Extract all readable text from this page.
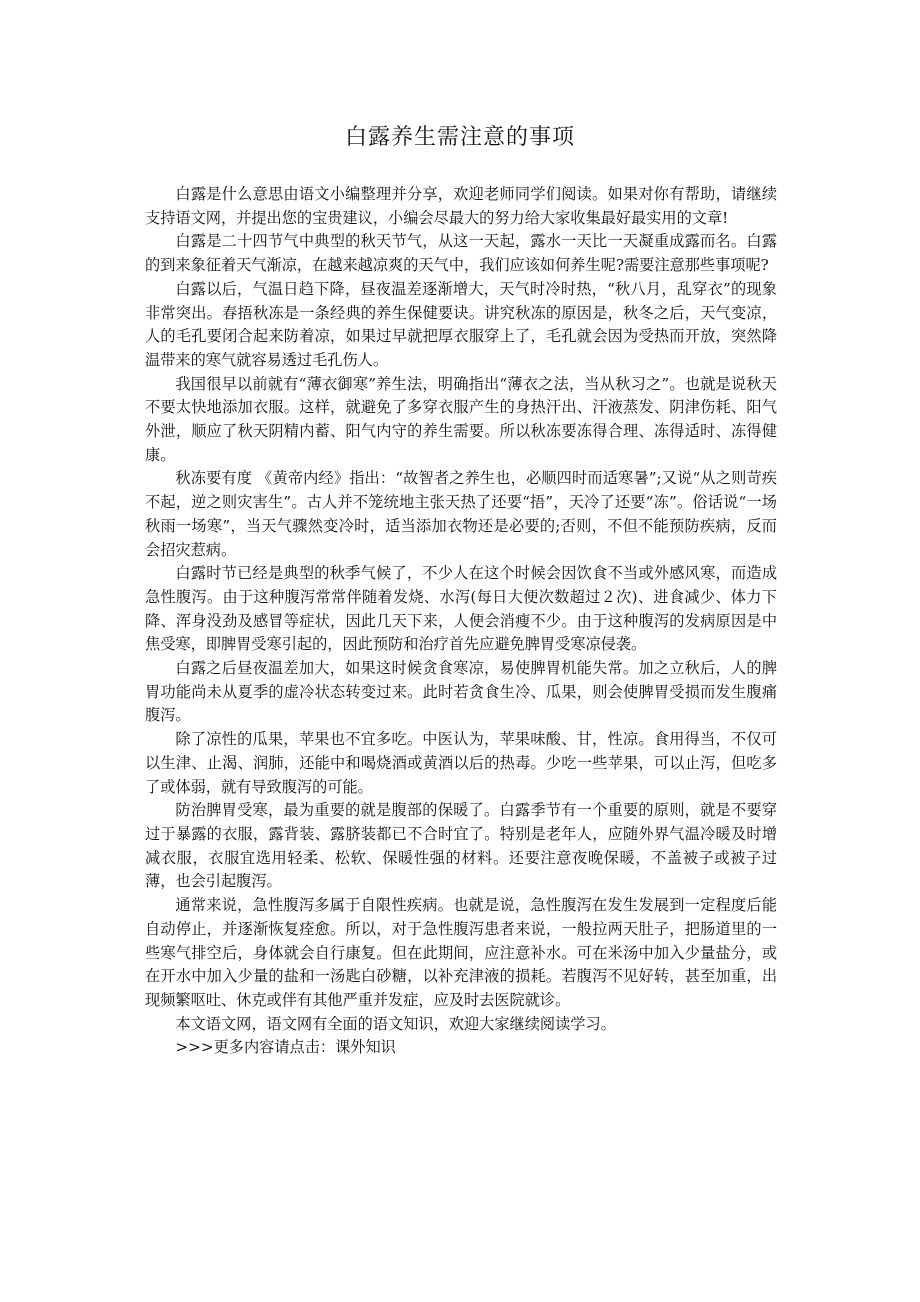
白露养生需注意的事项

白露是什么意思由语文小编整理并分享，欢迎老师同学们阅读。如果对你有帮助，请继续支持语文网，并提出您的宝贵建议，小编会尽最大的努力给大家收集最好最实用的文章!

白露是二十四节气中典型的秋天节气，从这一天起，露水一天比一天凝重成露而名。白露的到来象征着天气渐凉，在越来越凉爽的天气中，我们应该如何养生呢?需要注意那些事项呢?

白露以后，气温日趋下降，昼夜温差逐渐增大，天气时冷时热，“秋八月，乱穿衣”的现象非常突出。春捂秋冻是一条经典的养生保健要诀。讲究秋冻的原因是，秋冬之后，天气变凉，人的毛孔要闭合起来防着凉，如果过早就把厚衣服穿上了，毛孔就会因为受热而开放，突然降温带来的寒气就容易透过毛孔伤人。

我国很早以前就有“薄衣御寒”养生法，明确指出“薄衣之法，当从秋习之”。也就是说秋天不要太快地添加衣服。这样，就避免了多穿衣服产生的身热汗出、汗液蒸发、阴津伤耗、阳气外泄，顺应了秋天阴精内蓄、阳气内守的养生需要。所以秋冻要冻得合理、冻得适时、冻得健康。

秋冻要有度 《黄帝内经》指出：“故智者之养生也，必顺四时而适寒暑”;又说“从之则苛疾不起，逆之则灾害生”。古人并不笼统地主张天热了还要“捂”，天冷了还要“冻”。俗话说“一场秋雨一场寒”，当天气骤然变冷时，适当添加衣物还是必要的;否则，不但不能预防疾病，反而会招灾惹病。

白露时节已经是典型的秋季气候了，不少人在这个时候会因饮食不当或外感风寒，而造成急性腹泻。由于这种腹泻常常伴随着发烧、水泻(每日大便次数超过２次)、进食减少、体力下降、浑身没劲及感冒等症状，因此几天下来，人便会消瘦不少。由于这种腹泻的发病原因是中焦受寒，即脾胃受寒引起的，因此预防和治疗首先应避免脾胃受寒凉侵袭。

白露之后昼夜温差加大，如果这时候贪食寒凉，易使脾胃机能失常。加之立秋后，人的脾胃功能尚未从夏季的虚冷状态转变过来。此时若贪食生冷、瓜果，则会使脾胃受损而发生腹痛腹泻。

除了凉性的瓜果，苹果也不宜多吃。中医认为，苹果味酸、甘，性凉。食用得当，不仅可以生津、止渴、润肺，还能中和喝烧酒或黄酒以后的热毒。少吃一些苹果，可以止泻，但吃多了或体弱，就有导致腹泻的可能。

防治脾胃受寒，最为重要的就是腹部的保暖了。白露季节有一个重要的原则，就是不要穿过于暴露的衣服，露背装、露脐装都已不合时宜了。特别是老年人，应随外界气温冷暖及时增减衣服，衣服宜选用轻柔、松软、保暖性强的材料。还要注意夜晚保暖，不盖被子或被子过薄，也会引起腹泻。

通常来说，急性腹泻多属于自限性疾病。也就是说，急性腹泻在发生发展到一定程度后能自动停止，并逐渐恢复痊愈。所以，对于急性腹泻患者来说，一般拉两天肚子，把肠道里的一些寒气排空后，身体就会自行康复。但在此期间，应注意补水。可在米汤中加入少量盐分，或在开水中加入少量的盐和一汤匙白砂糖，以补充津液的损耗。若腹泻不见好转，甚至加重，出现频繁呕吐、休克或伴有其他严重并发症，应及时去医院就诊。

本文语文网，语文网有全面的语文知识，欢迎大家继续阅读学习。

>>>更多内容请点击：课外知识
